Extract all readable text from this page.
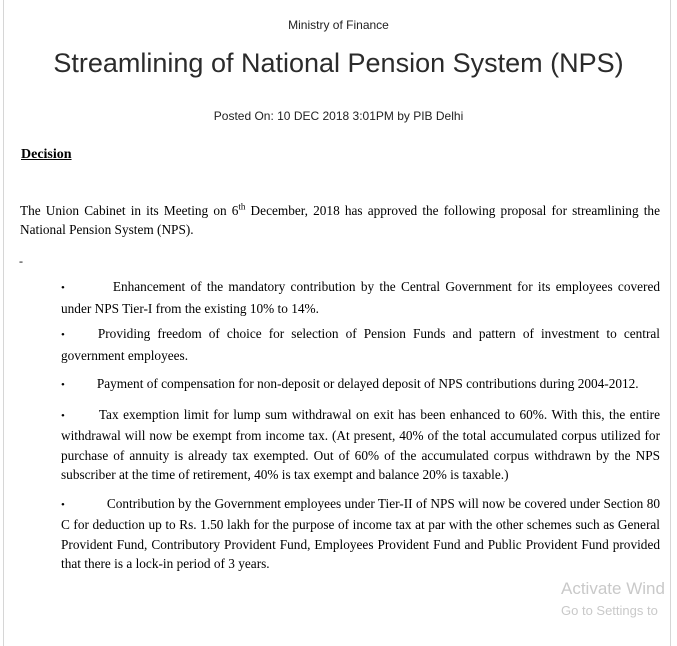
Ministry of Finance
Streamlining of National Pension System (NPS)
Posted On: 10 DEC 2018 3:01PM by PIB Delhi
Decision
The Union Cabinet in its Meeting on 6th December, 2018 has approved the following proposal for streamlining the National Pension System (NPS).
-

•	Enhancement of the mandatory contribution by the Central Government for its employees covered under NPS Tier-I from the existing 10% to 14%.

• Providing freedom of choice for selection of Pension Funds and pattern of investment to central government employees.

• Payment of compensation for non-deposit or delayed deposit of NPS contributions during 2004-2012.

•	Tax exemption limit for lump sum withdrawal on exit has been enhanced to 60%. With this, the entire withdrawal will now be exempt from income tax. (At present, 40% of the total accumulated corpus utilized for purchase of annuity is already tax exempted. Out of 60% of the accumulated corpus withdrawn by the NPS subscriber at the time of retirement, 40% is tax exempt and balance 20% is taxable.)

•	Contribution by the Government employees under Tier-II of NPS will now be covered under Section 80 C for deduction up to Rs. 1.50 lakh for the purpose of income tax at par with the other schemes such as General Provident Fund, Contributory Provident Fund, Employees Provident Fund and Public Provident Fund provided that there is a lock-in period of 3 years.

Activate Wind
Go to Settings to
